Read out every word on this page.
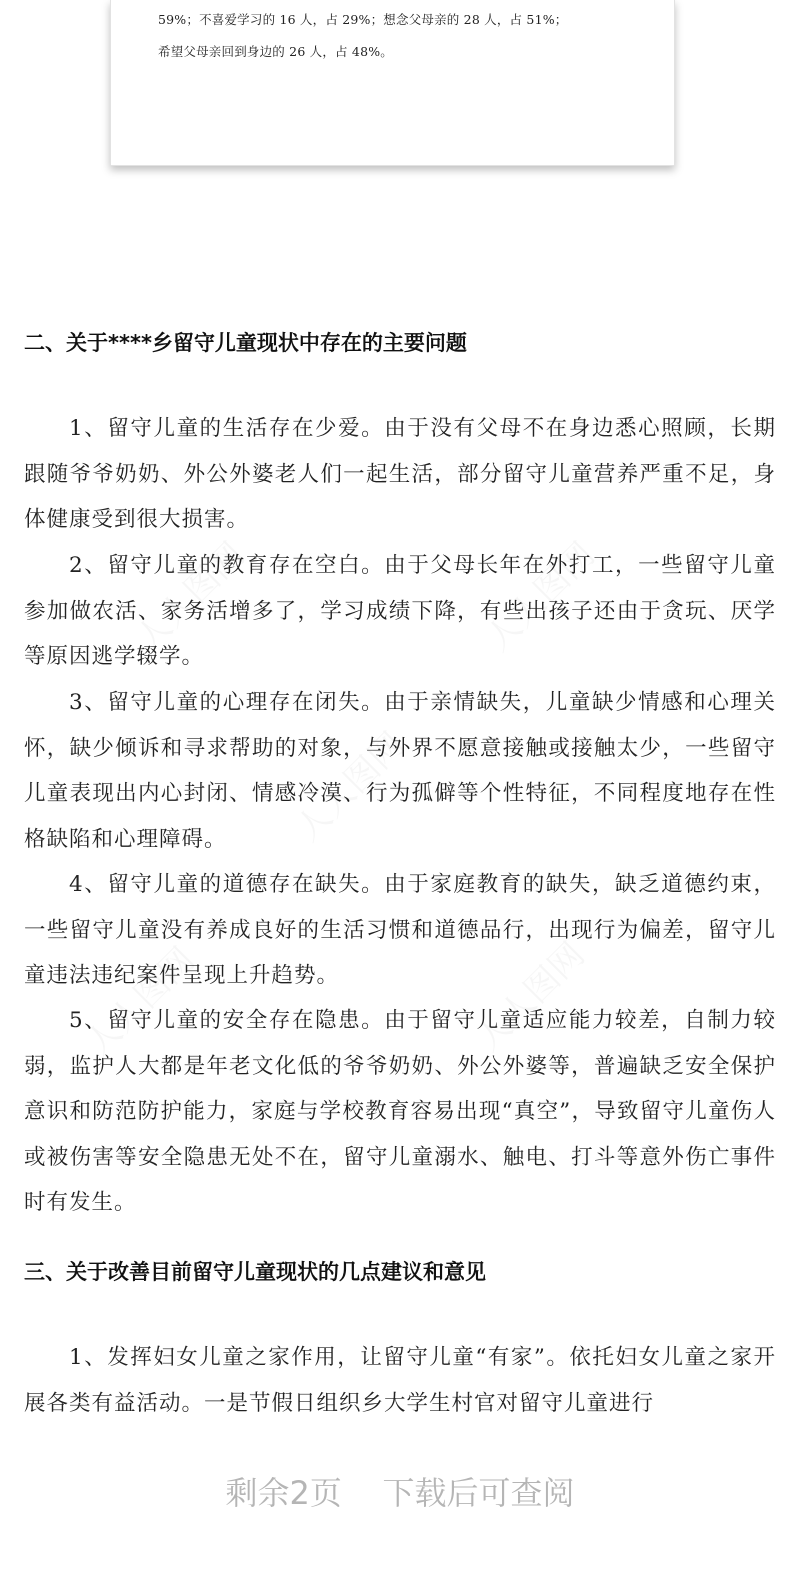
59%；不喜爱学习的 16 人，占 29%；想念父母亲的 28 人，占 51%；
希望父母亲回到身边的 26 人，占 48%。
二、关于****乡留守儿童现状中存在的主要问题

1、留守儿童的生活存在少爱。由于没有父母不在身边悉心照顾，长期跟随爷爷奶奶、外公外婆老人们一起生活，部分留守儿童营养严重不足，身体健康受到很大损害。

2、留守儿童的教育存在空白。由于父母长年在外打工，一些留守儿童参加做农活、家务活增多了，学习成绩下降，有些出孩子还由于贪玩、厌学等原因逃学辍学。

3、留守儿童的心理存在闭失。由于亲情缺失，儿童缺少情感和心理关怀，缺少倾诉和寻求帮助的对象，与外界不愿意接触或接触太少，一些留守儿童表现出内心封闭、情感冷漠、行为孤僻等个性特征，不同程度地存在性格缺陷和心理障碍。

4、留守儿童的道德存在缺失。由于家庭教育的缺失，缺乏道德约束，一些留守儿童没有养成良好的生活习惯和道德品行，出现行为偏差，留守儿童违法违纪案件呈现上升趋势。

5、留守儿童的安全存在隐患。由于留守儿童适应能力较差，自制力较弱，监护人大都是年老文化低的爷爷奶奶、外公外婆等，普遍缺乏安全保护意识和防范防护能力，家庭与学校教育容易出现“真空”，导致留守儿童伤人或被伤害等安全隐患无处不在，留守儿童溺水、触电、打斗等意外伤亡事件时有发生。

三、关于改善目前留守儿童现状的几点建议和意见

1、发挥妇女儿童之家作用，让留守儿童“有家”。依托妇女儿童之家开展各类有益活动。一是节假日组织乡大学生村官对留守儿童进行

剩余2页 下载后可查阅
